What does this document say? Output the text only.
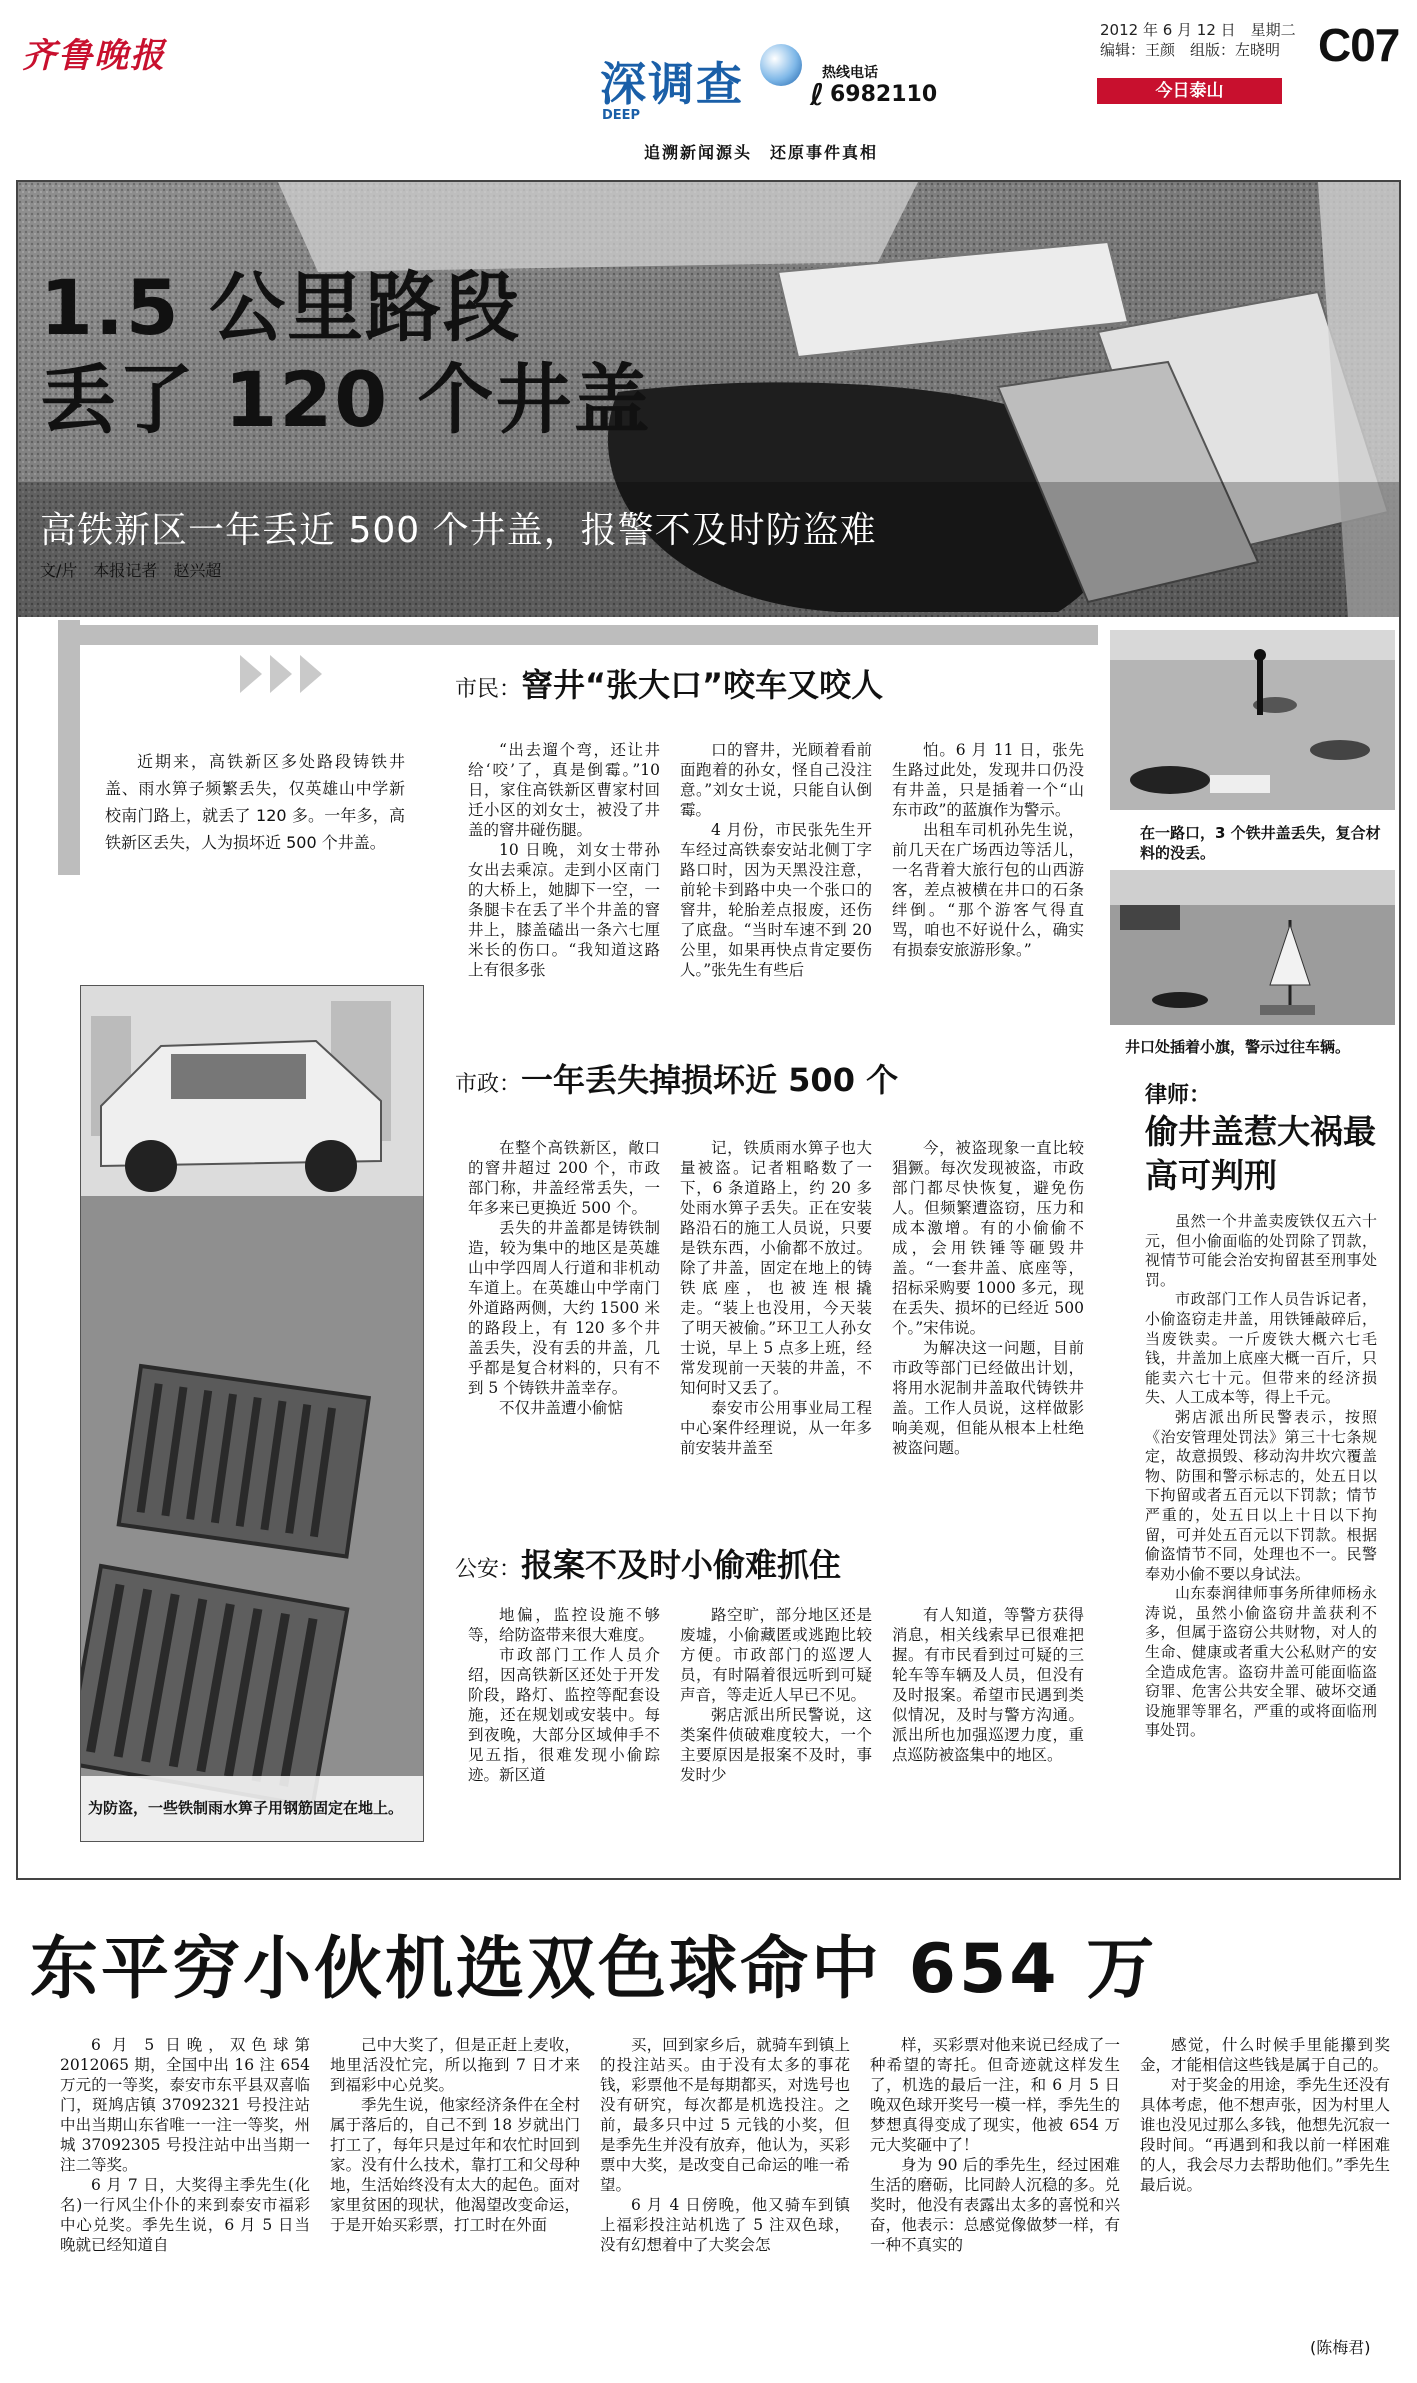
齐鲁晚报
2012 年 6 月 12 日　 星期二
编辑：王颜　 组版：左晓明 C07
今日泰山
深调查
DEEP
热线电话
ℓ 6982110
追溯新闻源头　还原事件真相
1.5 公里路段
丢了 120 个井盖
高铁新区一年丢近 500 个井盖，报警不及时防盗难
文/片　本报记者　赵兴超

近期来，高铁新区多处路段铸铁井盖、雨水箅子频繁丢失，仅英雄山中学新校南门路上，就丢了 120 多。一年多，高铁新区丢失，人为损坏近 500 个井盖。

为防盗，一些铁制雨水箅子用钢筋固定在地上。
市民：窨井“张大口”咬车又咬人

“出去遛个弯，还让井给‘咬’了，真是倒霉。”10 日，家住高铁新区曹家村回迁小区的刘女士，被没了井盖的窨井碰伤腿。

10 日晚，刘女士带孙女出去乘凉。走到小区南门的大桥上，她脚下一空，一条腿卡在丢了半个井盖的窨井上，膝盖磕出一条六七厘米长的伤口。“我知道这路上有很多张

口的窨井，光顾着看前面跑着的孙女，怪自己没注意。”刘女士说，只能自认倒霉。

4 月份，市民张先生开车经过高铁泰安站北侧丁字路口时，因为天黑没注意，前轮卡到路中央一个张口的窨井，轮胎差点报废，还伤了底盘。“当时车速不到 20 公里，如果再快点肯定要伤人。”张先生有些后

怕。6 月 11 日，张先生路过此处，发现井口仍没有井盖，只是插着一个“山东市政”的蓝旗作为警示。

出租车司机孙先生说，前几天在广场西边等活儿，一名背着大旅行包的山西游客，差点被横在井口的石条绊倒。“那个游客气得直骂，咱也不好说什么，确实有损泰安旅游形象。”

在一路口，3 个铁井盖丢失，复合材料的没丢。
井口处插着小旗，警示过往车辆。
市政：一年丢失掉损坏近 500 个

在整个高铁新区，敞口的窨井超过 200 个，市政部门称，井盖经常丢失，一年多来已更换近 500 个。

丢失的井盖都是铸铁制造，较为集中的地区是英雄山中学四周人行道和非机动车道上。在英雄山中学南门外道路两侧，大约 1500 米的路段上，有 120 多个井盖丢失，没有丢的井盖，几乎都是复合材料的，只有不到 5 个铸铁井盖幸存。

不仅井盖遭小偷惦

记，铁质雨水箅子也大量被盗。记者粗略数了一下，6 条道路上，约 20 多处雨水箅子丢失。正在安装路沿石的施工人员说，只要是铁东西，小偷都不放过。除了井盖，固定在地上的铸铁底座，也被连根撬走。“装上也没用，今天装了明天被偷。”环卫工人孙女士说，早上 5 点多上班，经常发现前一天装的井盖，不知何时又丢了。

泰安市公用事业局工程中心案件经理说，从一年多前安装井盖至

今，被盗现象一直比较猖獗。每次发现被盗，市政部门都尽快恢复，避免伤人。但频繁遭盗窃，压力和成本激增。有的小偷偷不成，会用铁锤等砸毁井盖。“一套井盖、底座等，招标采购要 1000 多元，现在丢失、损坏的已经近 500 个。”宋伟说。

为解决这一问题，目前市政等部门已经做出计划，将用水泥制井盖取代铸铁井盖。工作人员说，这样做影响美观，但能从根本上杜绝被盗问题。

律师：
偷井盖惹大祸最高可判刑

虽然一个井盖卖废铁仅五六十元，但小偷面临的处罚除了罚款，视情节可能会治安拘留甚至刑事处罚。

市政部门工作人员告诉记者，小偷盗窃走井盖，用铁锤敲碎后，当废铁卖。一斤废铁大概六七毛钱，井盖加上底座大概一百斤，只能卖六七十元。但带来的经济损失、人工成本等，得上千元。

粥店派出所民警表示，按照《治安管理处罚法》第三十七条规定，故意损毁、移动沟井坎穴覆盖物、防围和警示标志的，处五日以下拘留或者五百元以下罚款；情节严重的，处五日以上十日以下拘留，可并处五百元以下罚款。根据偷盗情节不同，处理也不一。民警奉劝小偷不要以身试法。

山东泰润律师事务所律师杨永涛说，虽然小偷盗窃井盖获利不多，但属于盗窃公共财物，对人的生命、健康或者重大公私财产的安全造成危害。盗窃井盖可能面临盗窃罪、危害公共安全罪、破坏交通设施罪等罪名，严重的或将面临刑事处罚。

公安：报案不及时小偷难抓住

地偏，监控设施不够等，给防盗带来很大难度。

市政部门工作人员介绍，因高铁新区还处于开发阶段，路灯、监控等配套设施，还在规划或安装中。每到夜晚，大部分区域伸手不见五指，很难发现小偷踪迹。新区道

路空旷，部分地区还是废墟，小偷藏匿或逃跑比较方便。市政部门的巡逻人员，有时隔着很远听到可疑声音，等走近人早已不见。

粥店派出所民警说，这类案件侦破难度较大，一个主要原因是报案不及时，事发时少

有人知道，等警方获得消息，相关线索早已很难把握。有市民看到过可疑的三轮车等车辆及人员，但没有及时报案。希望市民遇到类似情况，及时与警方沟通。派出所也加强巡逻力度，重点巡防被盗集中的地区。

东平穷小伙机选双色球命中 654 万

6 月 5 日晚，双色球第 2012065 期，全国中出 16 注 654 万元的一等奖，泰安市东平县双喜临门，斑鸠店镇 37092321 号投注站中出当期山东省唯一一注一等奖，州城 37092305 号投注站中出当期一注二等奖。

6 月 7 日，大奖得主季先生(化名)一行风尘仆仆的来到泰安市福彩中心兑奖。季先生说，6 月 5 日当晚就已经知道自

己中大奖了，但是正赶上麦收，地里活没忙完，所以拖到 7 日才来到福彩中心兑奖。

季先生说，他家经济条件在全村属于落后的，自己不到 18 岁就出门打工了，每年只是过年和农忙时回到家。没有什么技术，靠打工和父母种地，生活始终没有太大的起色。面对家里贫困的现状，他渴望改变命运，于是开始买彩票，打工时在外面

买，回到家乡后，就骑车到镇上的投注站买。由于没有太多的事花钱，彩票他不是每期都买，对选号也没有研究，每次都是机选投注。之前，最多只中过 5 元钱的小奖，但是季先生并没有放弃，他认为，买彩票中大奖，是改变自己命运的唯一希望。

6 月 4 日傍晚，他又骑车到镇上福彩投注站机选了 5 注双色球，没有幻想着中了大奖会怎

样，买彩票对他来说已经成了一种希望的寄托。但奇迹就这样发生了，机选的最后一注，和 6 月 5 日晚双色球开奖号一模一样，季先生的梦想真得变成了现实，他被 654 万元大奖砸中了！

身为 90 后的季先生，经过困难生活的磨砺，比同龄人沉稳的多。兑奖时，他没有表露出太多的喜悦和兴奋，他表示：总感觉像做梦一样，有一种不真实的

感觉，什么时候手里能攥到奖金，才能相信这些钱是属于自己的。

对于奖金的用途，季先生还没有具体考虑，他不想声张，因为村里人谁也没见过那么多钱，他想先沉寂一段时间。“再遇到和我以前一样困难的人，我会尽力去帮助他们。”季先生最后说。

(陈梅君)
